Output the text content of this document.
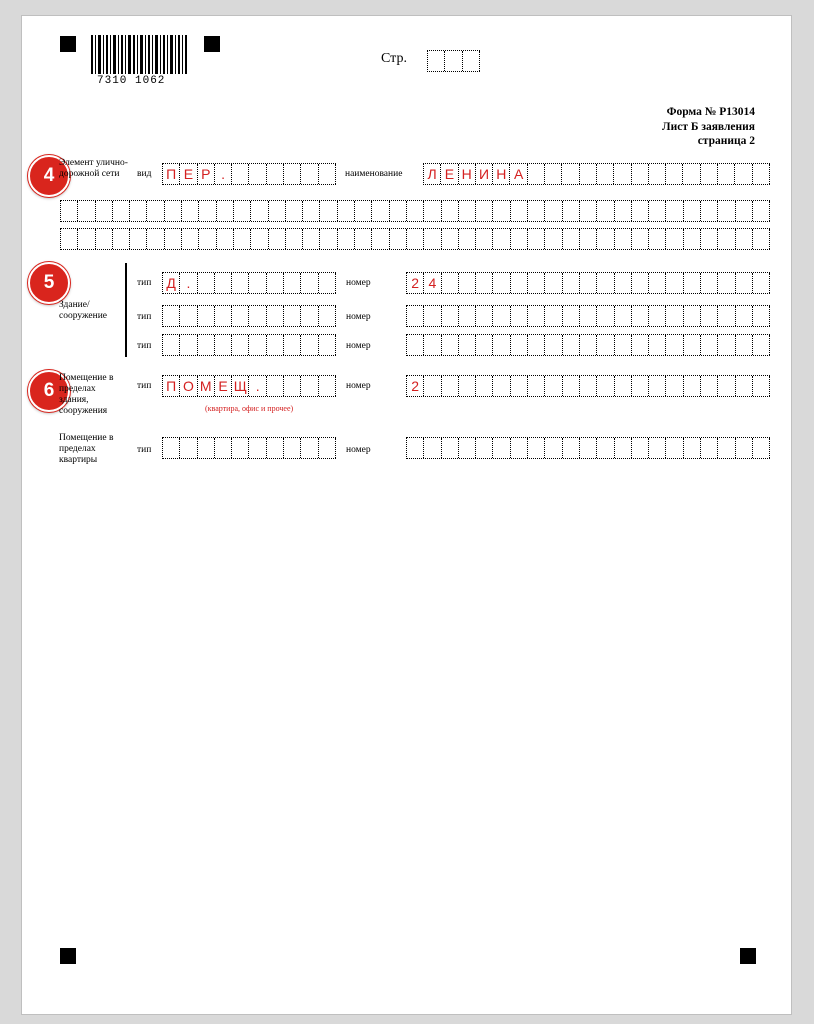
7310 1062
Стр.
Форма № Р13014
Лист Б заявления
страница 2
4
Элемент улично-дорожной сети	вид П Е Р .	наименование Л Е Н И Н А
5
Здание/ сооружение
тип Д .	номер	2 4
тип	номер
тип	номер
6
Помещение в пределах здания, сооружения
тип П О М Е Щ .	номер	2
(квартира, офис и прочее)
Помещение в пределах квартиры
тип	номер
